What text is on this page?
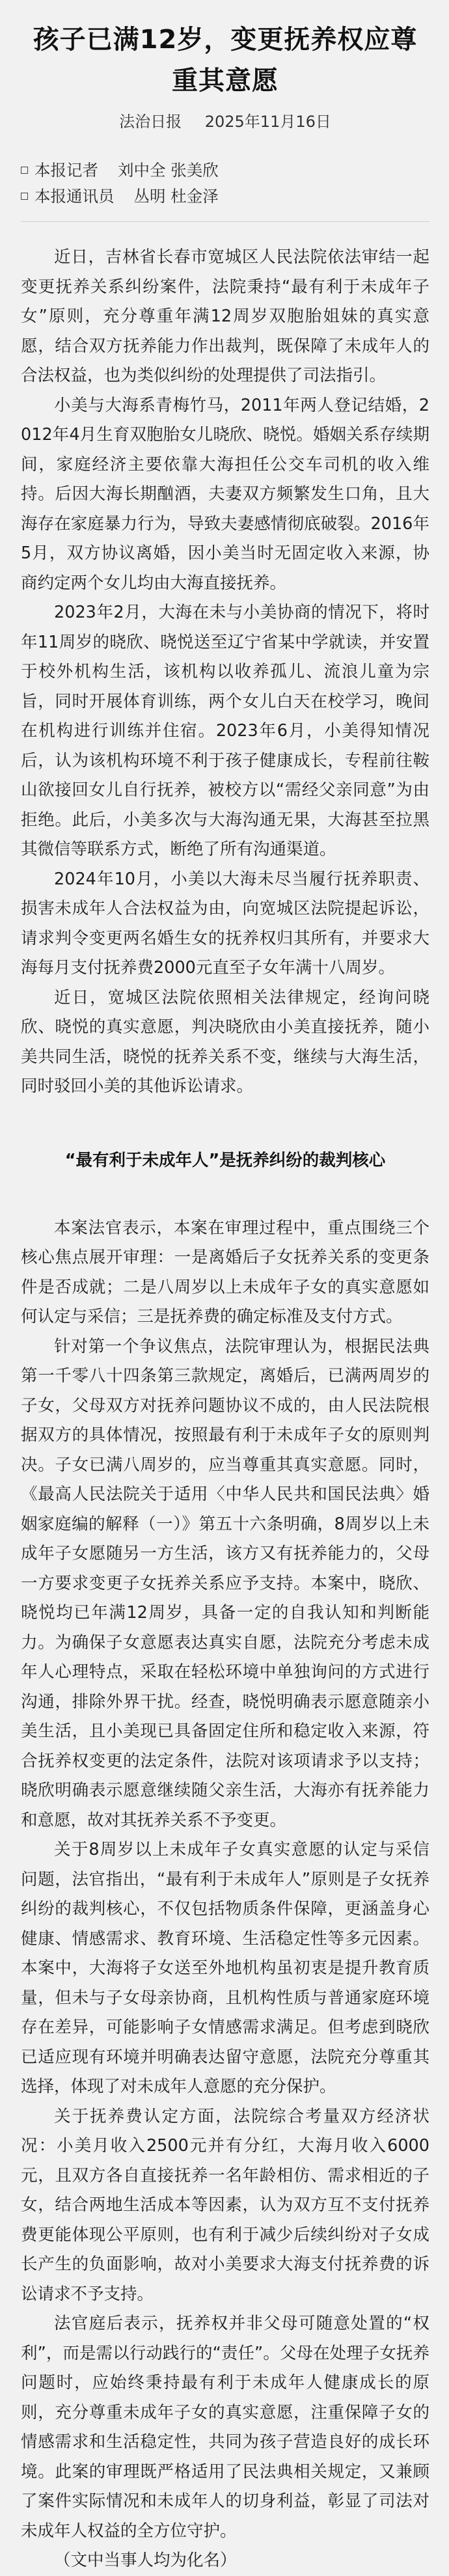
孩子已满12岁，变更抚养权应尊重其意愿

法治日报 2025年11月16日

本报记者 刘中全 张美欣

本报通讯员 丛明 杜金泽

近日，吉林省长春市宽城区人民法院依法审结一起变更抚养关系纠纷案件，法院秉持“最有利于未成年子女”原则，充分尊重年满12周岁双胞胎姐妹的真实意愿，结合双方抚养能力作出裁判，既保障了未成年人的合法权益，也为类似纠纷的处理提供了司法指引。

小美与大海系青梅竹马，2011年两人登记结婚，2012年4月生育双胞胎女儿晓欣、晓悦。婚姻关系存续期间，家庭经济主要依靠大海担任公交车司机的收入维持。后因大海长期酗酒，夫妻双方频繁发生口角，且大海存在家庭暴力行为，导致夫妻感情彻底破裂。2016年5月，双方协议离婚，因小美当时无固定收入来源，协商约定两个女儿均由大海直接抚养。

2023年2月，大海在未与小美协商的情况下，将时年11周岁的晓欣、晓悦送至辽宁省某中学就读，并安置于校外机构生活，该机构以收养孤儿、流浪儿童为宗旨，同时开展体育训练，两个女儿白天在校学习，晚间在机构进行训练并住宿。2023年6月，小美得知情况后，认为该机构环境不利于孩子健康成长，专程前往鞍山欲接回女儿自行抚养，被校方以“需经父亲同意”为由拒绝。此后，小美多次与大海沟通无果，大海甚至拉黑其微信等联系方式，断绝了所有沟通渠道。

2024年10月，小美以大海未尽当履行抚养职责、损害未成年人合法权益为由，向宽城区法院提起诉讼，请求判令变更两名婚生女的抚养权归其所有，并要求大海每月支付抚养费2000元直至子女年满十八周岁。

近日，宽城区法院依照相关法律规定，经询问晓欣、晓悦的真实意愿，判决晓欣由小美直接抚养，随小美共同生活，晓悦的抚养关系不变，继续与大海生活，同时驳回小美的其他诉讼请求。

“最有利于未成年人”是抚养纠纷的裁判核心

本案法官表示，本案在审理过程中，重点围绕三个核心焦点展开审理：一是离婚后子女抚养关系的变更条件是否成就；二是八周岁以上未成年子女的真实意愿如何认定与采信；三是抚养费的确定标准及支付方式。

针对第一个争议焦点，法院审理认为，根据民法典第一千零八十四条第三款规定，离婚后，已满两周岁的子女，父母双方对抚养问题协议不成的，由人民法院根据双方的具体情况，按照最有利于未成年子女的原则判决。子女已满八周岁的，应当尊重其真实意愿。同时，《最高人民法院关于适用〈中华人民共和国民法典〉婚姻家庭编的解释（一）》第五十六条明确，8周岁以上未成年子女愿随另一方生活，该方又有抚养能力的，父母一方要求变更子女抚养关系应予支持。本案中，晓欣、晓悦均已年满12周岁，具备一定的自我认知和判断能力。为确保子女意愿表达真实自愿，法院充分考虑未成年人心理特点，采取在轻松环境中单独询问的方式进行沟通，排除外界干扰。经查，晓悦明确表示愿意随亲小美生活，且小美现已具备固定住所和稳定收入来源，符合抚养权变更的法定条件，法院对该项请求予以支持；晓欣明确表示愿意继续随父亲生活，大海亦有抚养能力和意愿，故对其抚养关系不予变更。

关于8周岁以上未成年子女真实意愿的认定与采信问题，法官指出，“最有利于未成年人”原则是子女抚养纠纷的裁判核心，不仅包括物质条件保障，更涵盖身心健康、情感需求、教育环境、生活稳定性等多元因素。本案中，大海将子女送至外地机构虽初衷是提升教育质量，但未与子女母亲协商，且机构性质与普通家庭环境存在差异，可能影响子女情感需求满足。但考虑到晓欣已适应现有环境并明确表达留守意愿，法院充分尊重其选择，体现了对未成年人意愿的充分保护。

关于抚养费认定方面，法院综合考量双方经济状况：小美月收入2500元并有分红，大海月收入6000元，且双方各自直接抚养一名年龄相仿、需求相近的子女，结合两地生活成本等因素，认为双方互不支付抚养费更能体现公平原则，也有利于减少后续纠纷对子女成长产生的负面影响，故对小美要求大海支付抚养费的诉讼请求不予支持。

法官庭后表示，抚养权并非父母可随意处置的“权利”，而是需以行动践行的“责任”。父母在处理子女抚养问题时，应始终秉持最有利于未成年人健康成长的原则，充分尊重未成年子女的真实意愿，注重保障子女的情感需求和生活稳定性，共同为孩子营造良好的成长环境。此案的审理既严格适用了民法典相关规定，又兼顾了案件实际情况和未成年人的切身利益，彰显了司法对未成年人权益的全方位守护。

（文中当事人均为化名）
